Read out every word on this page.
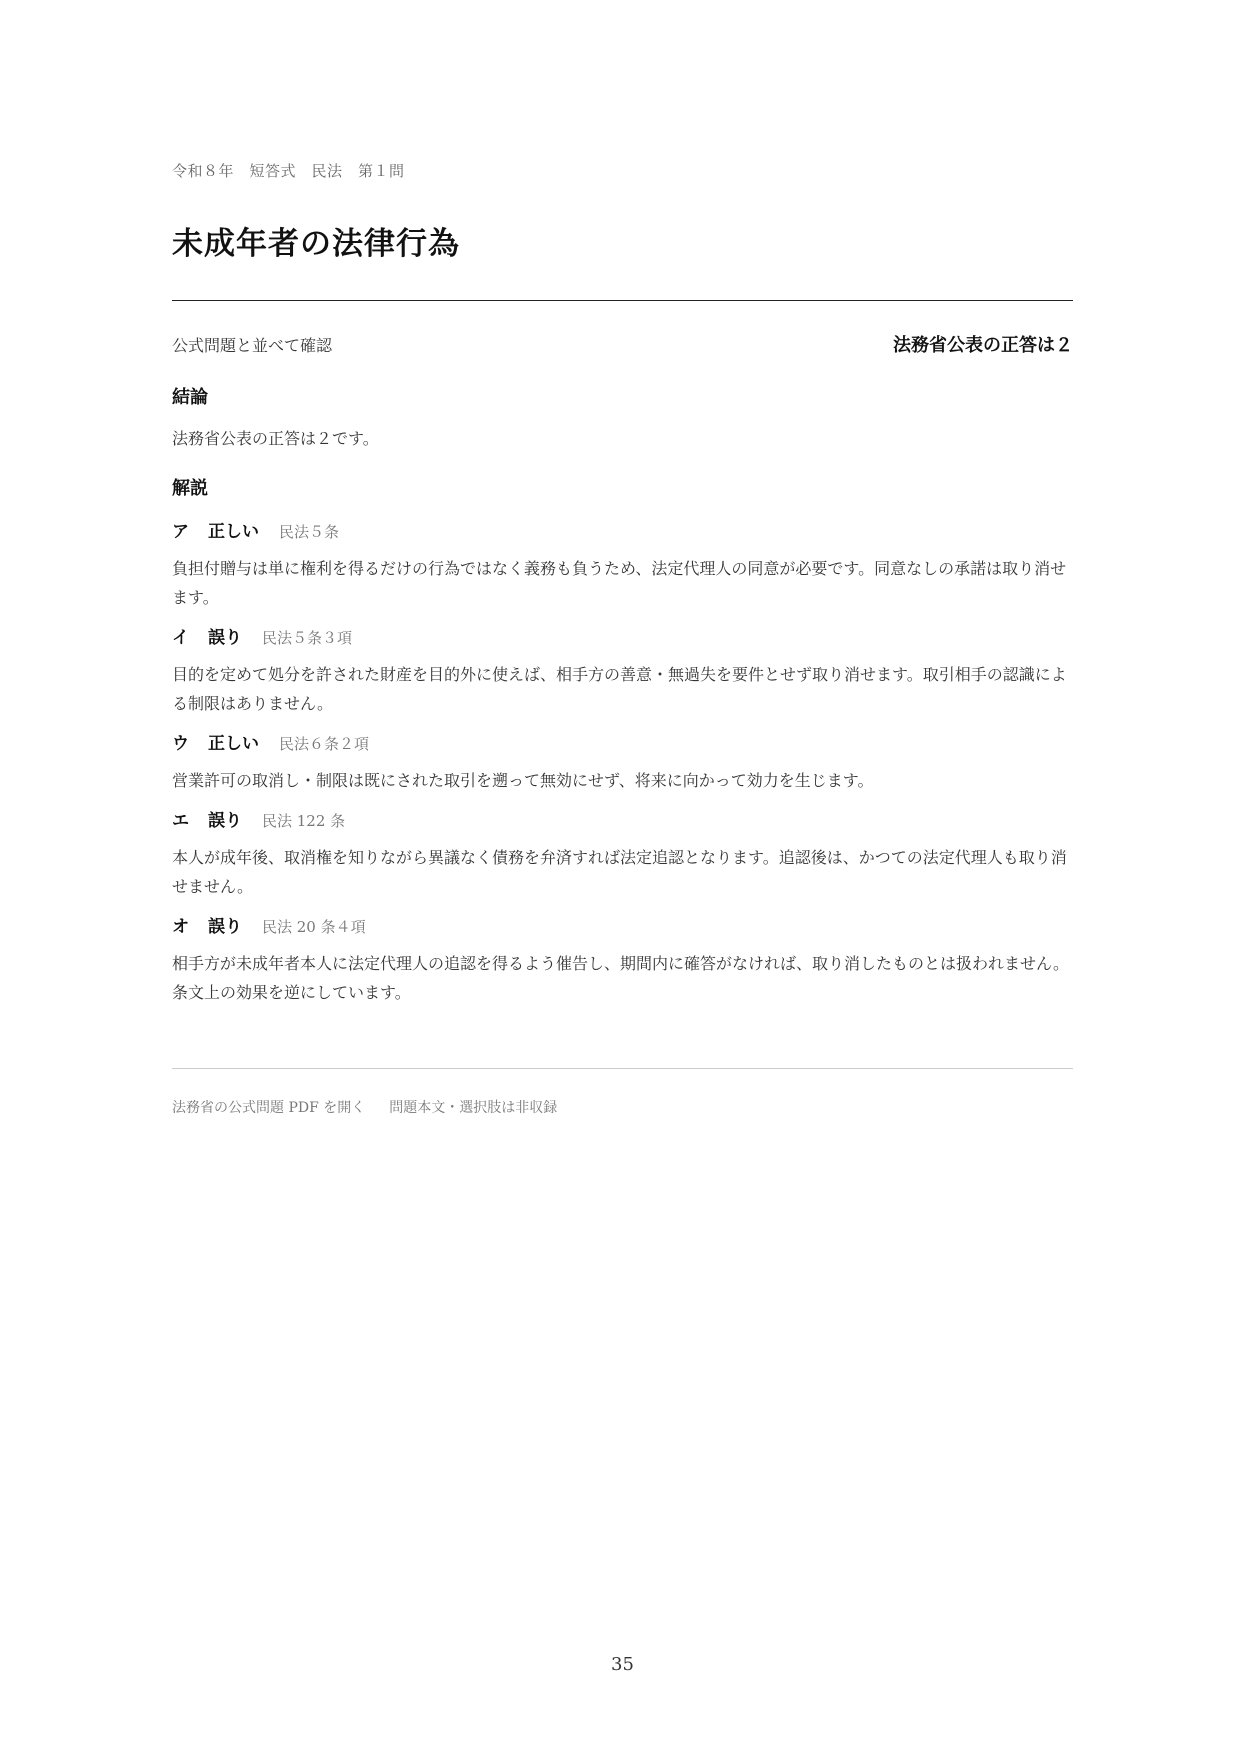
令和８年　短答式　民法　第１問
未成年者の法律行為
公式問題と並べて確認	法務省公表の正答は２
結論
法務省公表の正答は２です。
解説
ア 正しい 民法５条
負担付贈与は単に権利を得るだけの行為ではなく義務も負うため、法定代理人の同意が必要です。同意なしの承諾は取り消せます。
イ 誤り 民法５条３項
目的を定めて処分を許された財産を目的外に使えば、相手方の善意・無過失を要件とせず取り消せます。取引相手の認識による制限はありません。
ウ 正しい 民法６条２項
営業許可の取消し・制限は既にされた取引を遡って無効にせず、将来に向かって効力を生じます。
エ 誤り 民法 122 条
本人が成年後、取消権を知りながら異議なく債務を弁済すれば法定追認となります。追認後は、かつての法定代理人も取り消せません。
オ 誤り 民法 20 条４項
相手方が未成年者本人に法定代理人の追認を得るよう催告し、期間内に確答がなければ、取り消したものとは扱われません。条文上の効果を逆にしています。
法務省の公式問題 PDF を開く 問題本文・選択肢は非収録
35
